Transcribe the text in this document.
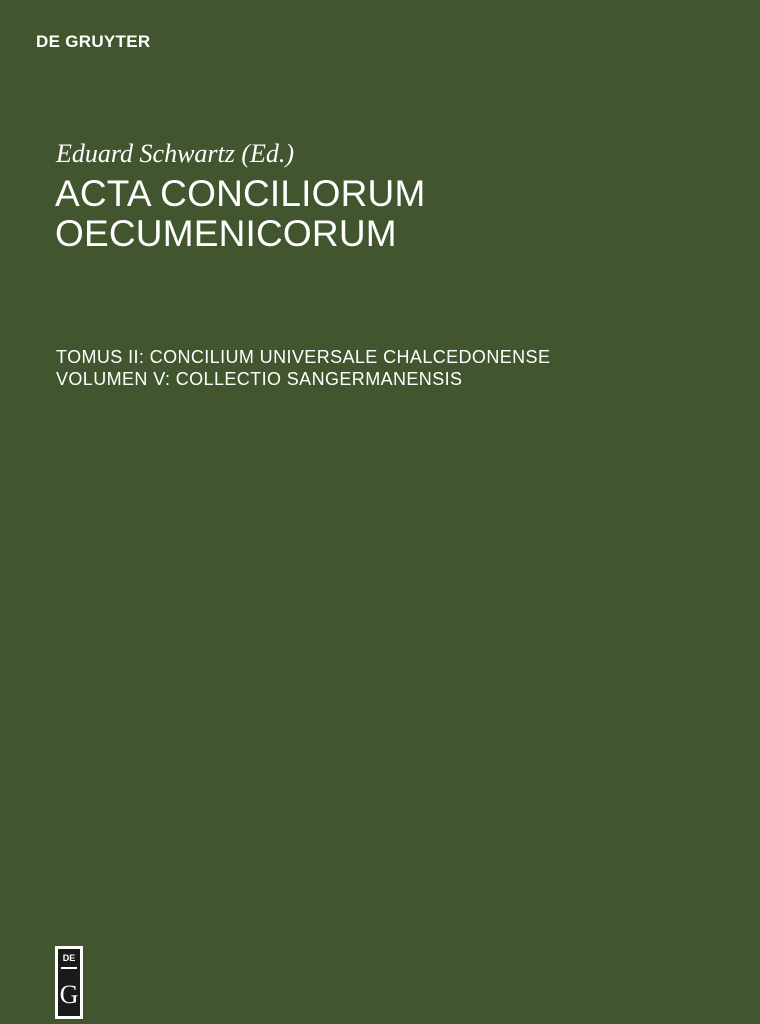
DE GRUYTER
Eduard Schwartz (Ed.)
ACTA CONCILIORUM
OECUMENICORUM
TOMUS II: CONCILIUM UNIVERSALE CHALCEDONENSE
VOLUMEN V: COLLECTIO SANGERMANENSIS
DE
G
